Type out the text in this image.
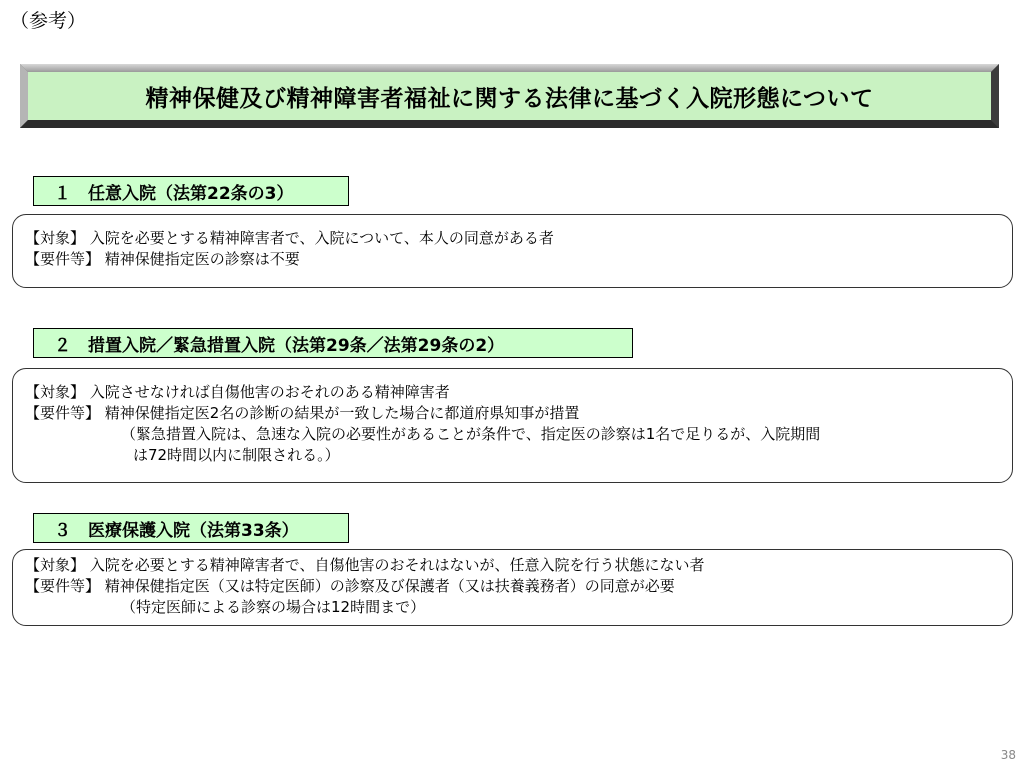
（参考）
精神保健及び精神障害者福祉に関する法律に基づく入院形態について
１　任意入院（法第22条の3）
【対象】 入院を必要とする精神障害者で、入院について、本人の同意がある者
【要件等】 精神保健指定医の診察は不要
２　措置入院／緊急措置入院（法第29条／法第29条の2）
【対象】 入院させなければ自傷他害のおそれのある精神障害者
【要件等】 精神保健指定医2名の診断の結果が一致した場合に都道府県知事が措置
（緊急措置入院は、急速な入院の必要性があることが条件で、指定医の診察は1名で足りるが、入院期間
は72時間以内に制限される。）
３　医療保護入院（法第33条）
【対象】 入院を必要とする精神障害者で、自傷他害のおそれはないが、任意入院を行う状態にない者
【要件等】 精神保健指定医（又は特定医師）の診察及び保護者（又は扶養義務者）の同意が必要
（特定医師による診察の場合は12時間まで）
38
